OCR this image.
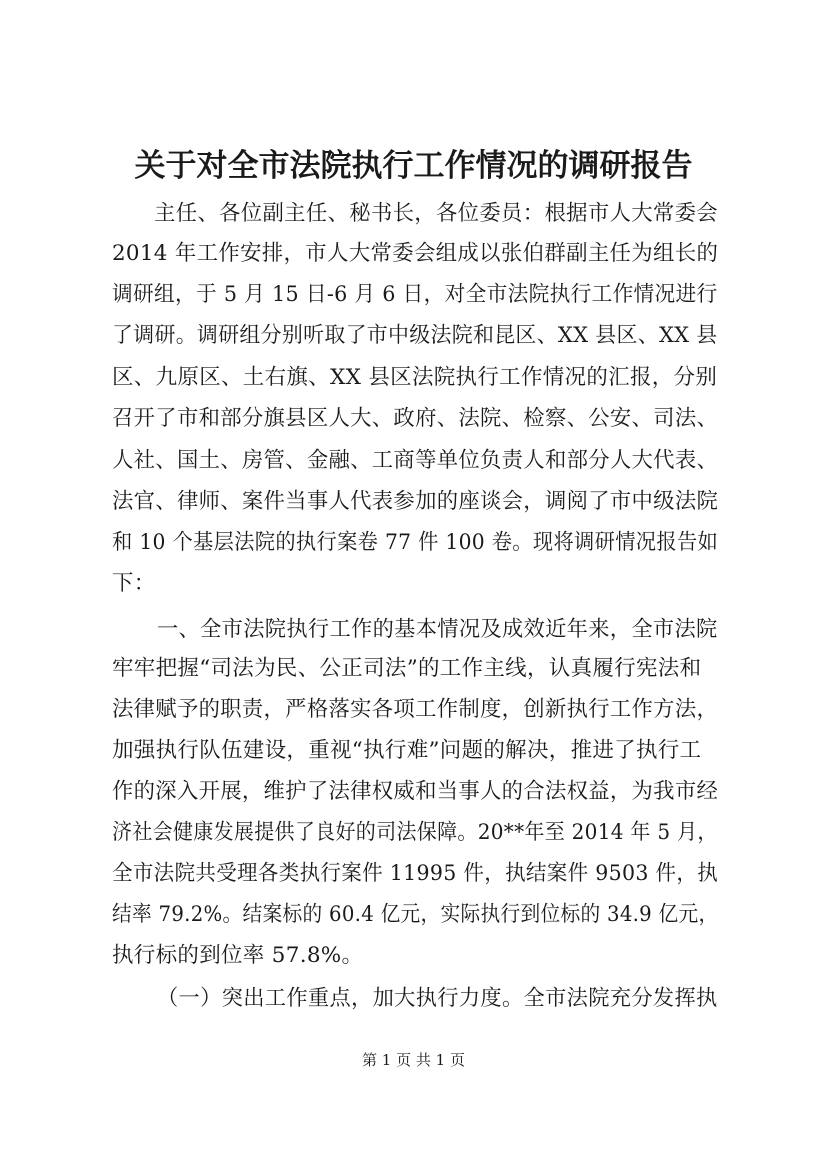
关于对全市法院执行工作情况的调研报告
主任、各位副主任、秘书长，各位委员：根据市人大常委会
2014 年工作安排，市人大常委会组成以张伯群副主任为组长的
调研组，于 5 月 15 日-6 月 6 日，对全市法院执行工作情况进行
了调研。调研组分别听取了市中级法院和昆区、XX 县区、XX 县
区、九原区、土右旗、XX 县区法院执行工作情况的汇报，分别
召开了市和部分旗县区人大、政府、法院、检察、公安、司法、
人社、国土、房管、金融、工商等单位负责人和部分人大代表、
法官、律师、案件当事人代表参加的座谈会，调阅了市中级法院
和 10 个基层法院的执行案卷 77 件 100 卷。现将调研情况报告如
下：
一、全市法院执行工作的基本情况及成效近年来，全市法院
牢牢把握“司法为民、公正司法”的工作主线，认真履行宪法和
法律赋予的职责，严格落实各项工作制度，创新执行工作方法，
加强执行队伍建设，重视“执行难”问题的解决，推进了执行工
作的深入开展，维护了法律权威和当事人的合法权益，为我市经
济社会健康发展提供了良好的司法保障。20**年至 2014 年 5 月，
全市法院共受理各类执行案件 11995 件，执结案件 9503 件，执
结率 79.2%。结案标的 60.4 亿元，实际执行到位标的 34.9 亿元，
执行标的到位率 57.8%。
（一）突出工作重点，加大执行力度。全市法院充分发挥执
第 1 页 共 1 页
